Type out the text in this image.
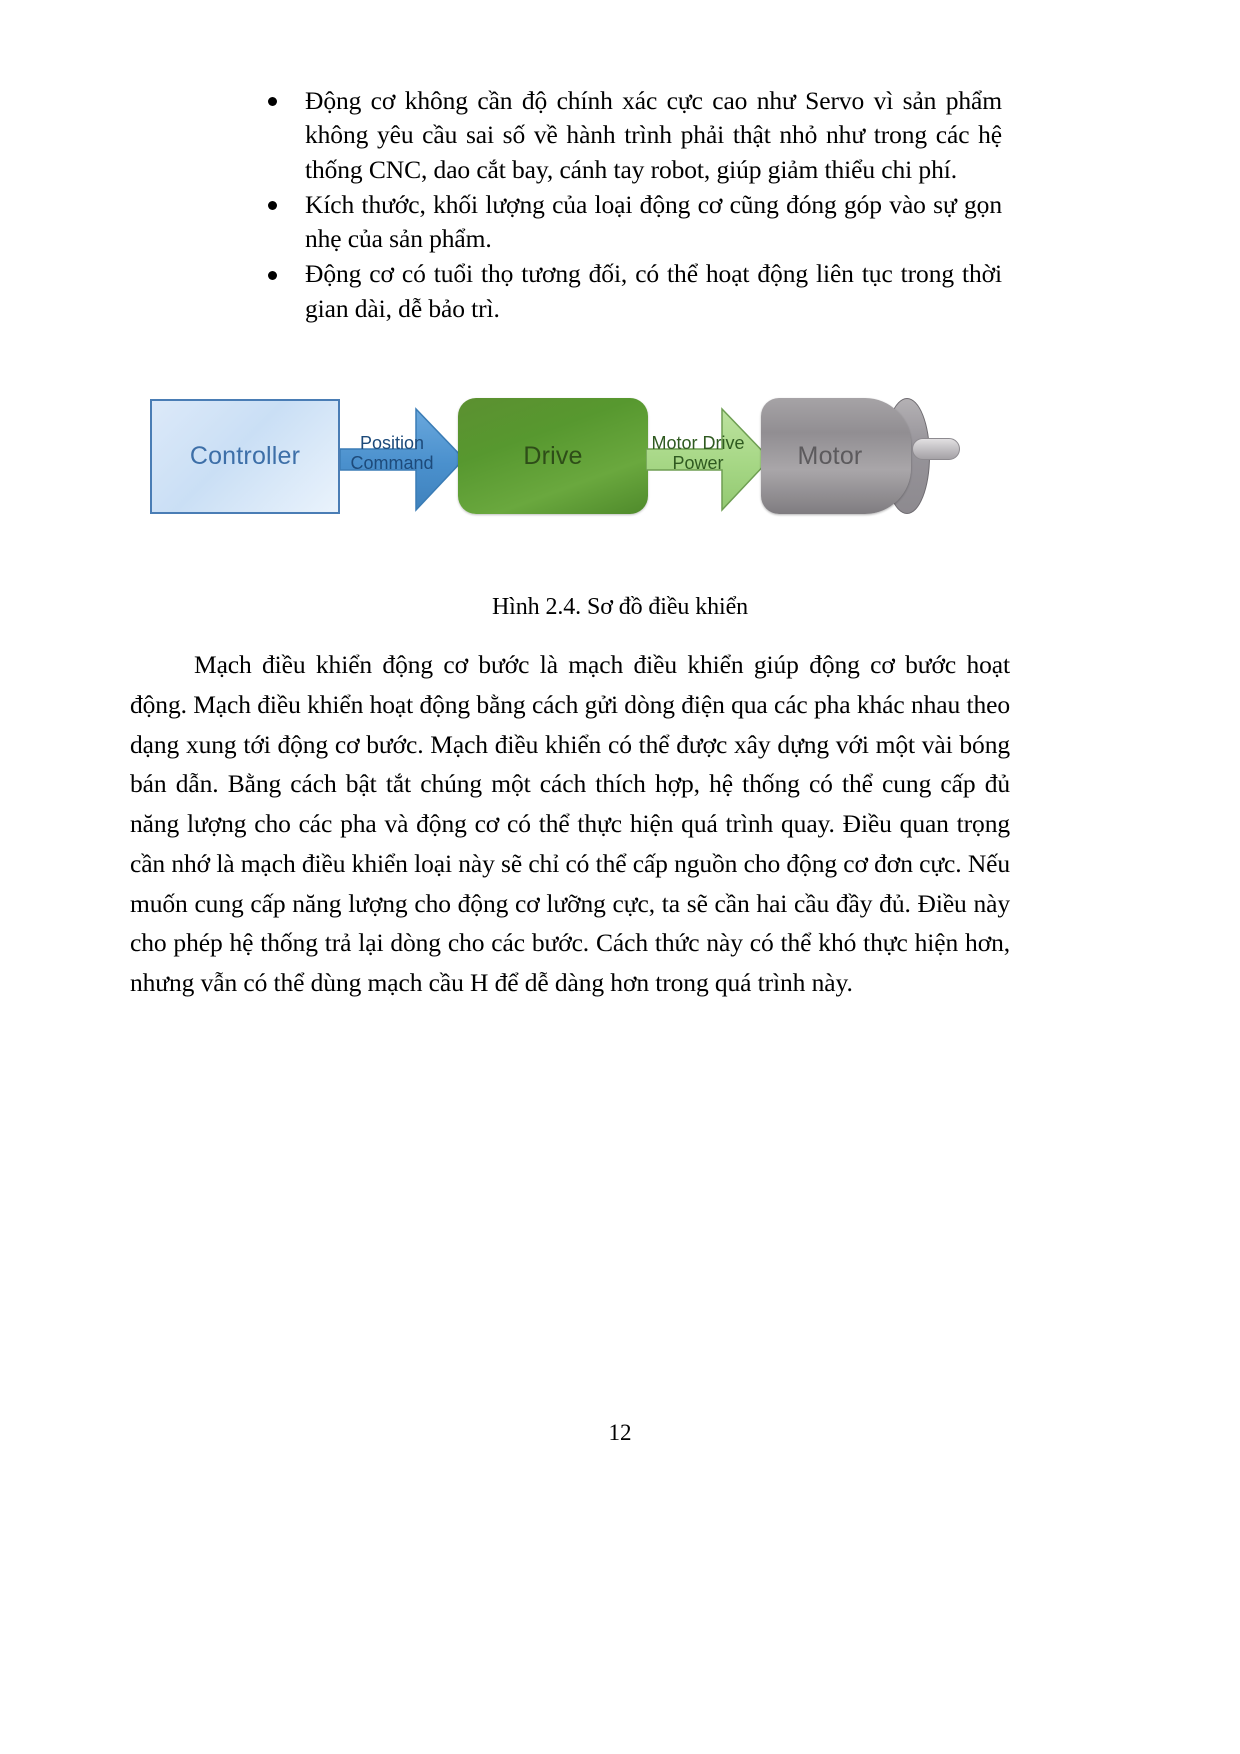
Động cơ không cần độ chính xác cực cao như Servo vì sản phẩm không yêu cầu sai số về hành trình phải thật nhỏ như trong các hệ thống CNC, dao cắt bay, cánh tay robot, giúp giảm thiểu chi phí.
Kích thước, khối lượng của loại động cơ cũng đóng góp vào sự gọn nhẹ của sản phẩm.
Động cơ có tuổi thọ tương đối, có thể hoạt động liên tục trong thời gian dài, dễ bảo trì.
Controller	Position
Command	Drive	Motor Drive
Power	Motor
Hình 2.4. Sơ đồ điều khiển

Mạch điều khiển động cơ bước là mạch điều khiển giúp động cơ bước hoạt động. Mạch điều khiển hoạt động bằng cách gửi dòng điện qua các pha khác nhau theo dạng xung tới động cơ bước. Mạch điều khiển có thể được xây dựng với một vài bóng bán dẫn. Bằng cách bật tắt chúng một cách thích hợp, hệ thống có thể cung cấp đủ năng lượng cho các pha và động cơ có thể thực hiện quá trình quay. Điều quan trọng cần nhớ là mạch điều khiển loại này sẽ chỉ có thể cấp nguồn cho động cơ đơn cực. Nếu muốn cung cấp năng lượng cho động cơ lưỡng cực, ta sẽ cần hai cầu đầy đủ. Điều này cho phép hệ thống trả lại dòng cho các bước. Cách thức này có thể khó thực hiện hơn, nhưng vẫn có thể dùng mạch cầu H để dễ dàng hơn trong quá trình này.

12
